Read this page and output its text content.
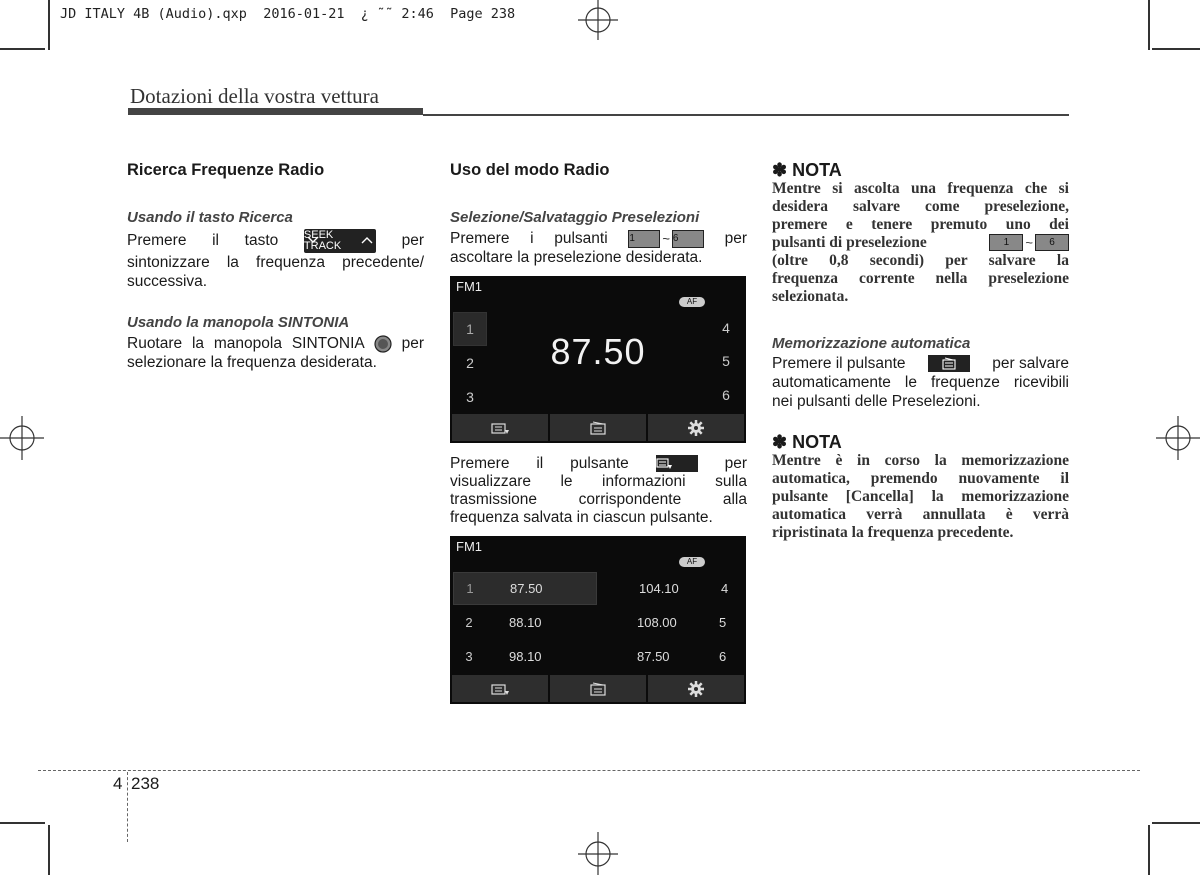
JD ITALY 4B (Audio).qxp  2016-01-21  ¿ ˜˜ 2:46  Page 238
Dotazioni della vostra vettura
Ricerca Frequenze Radio
Usando il tasto Ricerca
Premere il tasto SEEK
TRACK	per
sintonizzare la frequenza precedente/
successiva.
Usando la manopola SINTONIA
Ruotare la manopola SINTONIA per
selezionare la frequenza desiderata.
Uso del modo Radio
Selezione/Salvataggio Preselezioni
Premere i pulsanti 1 ~ 6	per
ascoltare la preselezione desiderata.
FM1
AF
1
2
3
87.50
4
5
6
Premere il pulsante	per
visualizzare le informazioni sulla
trasmissione corrispondente alla
frequenza salvata in ciascun pulsante.
FM1
AF
1	87.50	104.10	4
2	88.10	108.00	5
3	98.10	87.50	6
✽ NOTA
Mentre si ascolta una frequenza che si
desidera salvare come preselezione,
premere e tenere premuto uno dei
pulsanti di preselezione	1 ~ 6
(oltre 0,8 secondi) per salvare la
frequenza corrente nella preselezione
selezionata.
Memorizzazione automatica
Premere il pulsante	per salvare
automaticamente le frequenze ricevibili
nei pulsanti delle Preselezioni.
✽ NOTA
Mentre è in corso la memorizzazione
automatica, premendo nuovamente il
pulsante [Cancella] la memorizzazione
automatica verrà annullata è verrà
ripristinata la frequenza precedente.
4 238
